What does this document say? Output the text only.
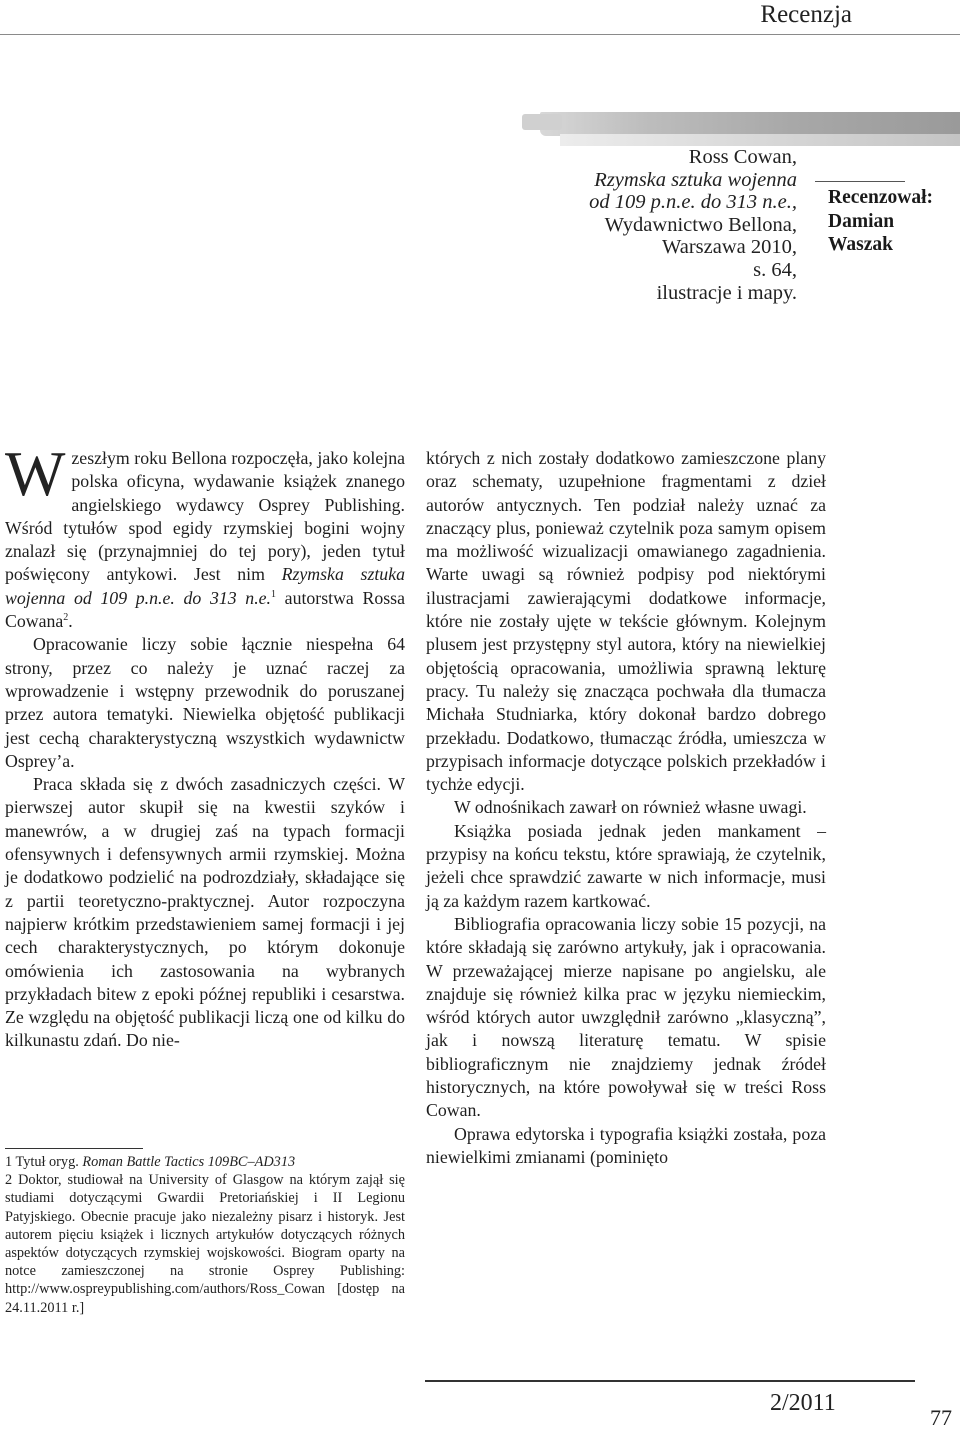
Recenzja
Ross Cowan,
Rzymska sztuka wojenna
od 109 p.n.e. do 313 n.e.,
Wydawnictwo Bellona,
Warszawa 2010,
s. 64,
ilustracje i mapy.
Recenzował:
Damian
Waszak

Wzeszłym roku Bellona rozpoczęła, jako kolejna polska oficyna, wydawanie książek znanego angielskiego wydawcy Osprey Publishing. Wśród tytułów spod egidy rzymskiej bogini wojny znalazł się (przynajmniej do tej pory), jeden tytuł poświęcony antykowi. Jest nim Rzymska sztuka wojenna od 109 p.n.e. do 313 n.e.$^1$ autorstwa Rossa Cowana$^2$.

Opracowanie liczy sobie łącznie niespełna 64 strony, przez co należy je uznać raczej za wprowadzenie i wstępny przewodnik do poruszanej przez autora tematyki. Niewielka objętość publikacji jest cechą charakterystyczną wszystkich wydawnictw Osprey’a.

Praca składa się z dwóch zasadniczych części. W pierwszej autor skupił się na kwestii szyków i manewrów, a w drugiej zaś na typach formacji ofensywnych i defensywnych armii rzymskiej. Można je dodatkowo podzielić na podrozdziały, składające się z partii teoretyczno-praktycznej. Autor rozpoczyna najpierw krótkim przedstawieniem samej formacji i jej cech charakterystycznych, po którym dokonuje omówienia ich zastosowania na wybranych przykładach bitew z epoki późnej republiki i cesarstwa. Ze względu na objętość publikacji liczą one od kilku do kilkunastu zdań. Do nie-

1 Tytuł oryg. Roman Battle Tactics 109BC–AD313

2 Doktor, studiował na University of Glasgow na którym zajął się studiami dotyczącymi Gwardii Pretoriańskiej i II Legionu Patyjskiego. Obecnie pracuje jako niezależny pisarz i historyk. Jest autorem pięciu książek i licznych artykułów dotyczących różnych aspektów dotyczących rzymskiej wojskowości. Biogram oparty na notce zamieszczonej na stronie Osprey Publishing: http://www.ospreypublishing.com/authors/Ross_Cowan [dostęp na 24.11.2011 r.]

których z nich zostały dodatkowo zamieszczone plany oraz schematy, uzupełnione fragmentami z dzieł autorów antycznych. Ten podział należy uznać za znaczący plus, ponieważ czytelnik poza samym opisem ma możliwość wizualizacji omawianego zagadnienia. Warte uwagi są również podpisy pod niektórymi ilustracjami zawierającymi dodatkowe informacje, które nie zostały ujęte w tekście głównym. Kolejnym plusem jest przystępny styl autora, który na niewielkiej objętością opracowania, umożliwia sprawną lekturę pracy. Tu należy się znacząca pochwała dla tłumacza Michała Studniarka, który dokonał bardzo dobrego przekładu. Dodatkowo, tłumacząc źródła, umieszcza w przypisach informacje dotyczące polskich przekładów i tychże edycji.

W odnośnikach zawarł on również własne uwagi.

Książka posiada jednak jeden mankament – przypisy na końcu tekstu, które sprawiają, że czytelnik, jeżeli chce sprawdzić zawarte w nich informacje, musi ją za każdym razem kartkować.

Bibliografia opracowania liczy sobie 15 pozycji, na które składają się zarówno artykuły, jak i opracowania. W przeważającej mierze napisane po angielsku, ale znajduje się również kilka prac w języku niemieckim, wśród których autor uwzględnił zarówno „klasyczną”, jak i nowszą literaturę tematu. W spisie bibliograficznym nie znajdziemy jednak źródeł historycznych, na które powoływał się w treści Ross Cowan.

Oprawa edytorska i typografia książki została, poza niewielkimi zmianami (pominięto

2/2011
77
